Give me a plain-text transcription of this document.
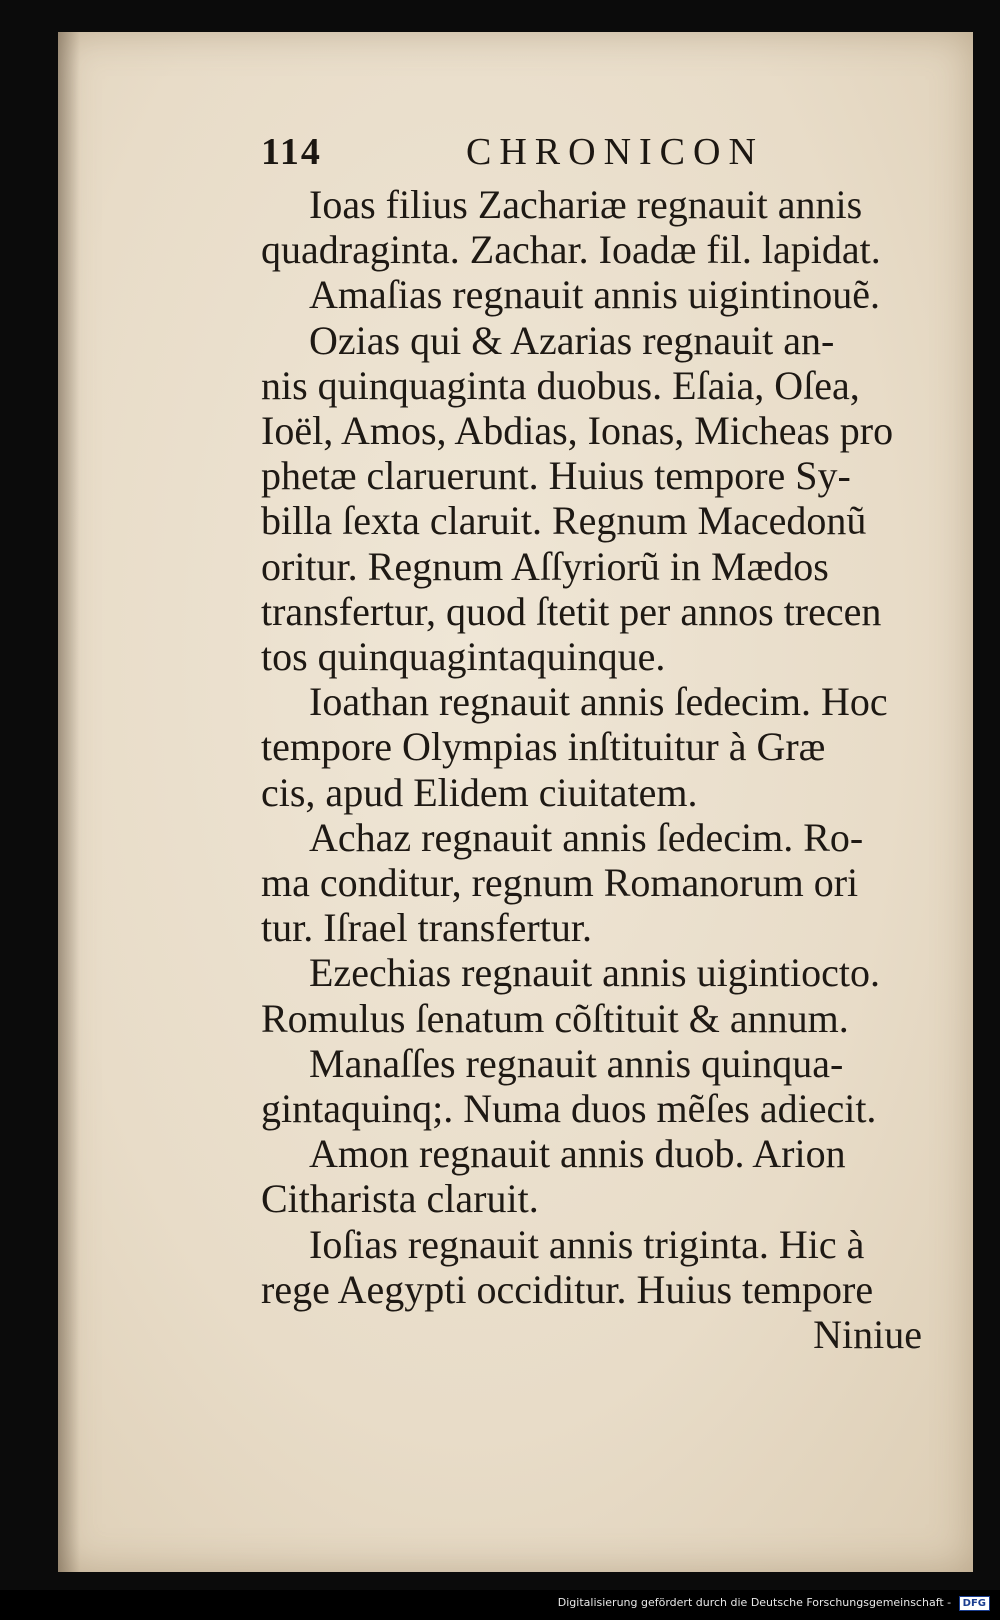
114	CHRONICON
Ioas filius Zachariæ regnauit annis
quadraginta. Zachar. Ioadæ fil. lapidat.
Amaſias regnauit annis uigintinouẽ.
Ozias qui & Azarias regnauit an-
nis quinquaginta duobus. Eſaia, Oſea,
Ioël, Amos, Abdias, Ionas, Micheas pro
phetæ claruerunt. Huius tempore Sy-
billa ſexta claruit. Regnum Macedonũ
oritur. Regnum Aſſyriorũ in Mædos
transfertur, quod ſtetit per annos trecen
tos quinquagintaquinque.
Ioathan regnauit annis ſedecim. Hoc
tempore Olympias inſtituitur à Græ
cis, apud Elidem ciuitatem.
Achaz regnauit annis ſedecim. Ro-
ma conditur, regnum Romanorum ori
tur. Iſrael transfertur.
Ezechias regnauit annis uigintiocto.
Romulus ſenatum cõſtituit & annum.
Manaſſes regnauit annis quinqua-
gintaquinq;. Numa duos mẽſes adiecit.
Amon regnauit annis duob. Arion
Citharista claruit.
Ioſias regnauit annis triginta. Hic à
rege Aegypti occiditur. Huius tempore
Niniue
Digitalisierung gefördert durch die Deutsche Forschungsgemeinschaft - DFG
